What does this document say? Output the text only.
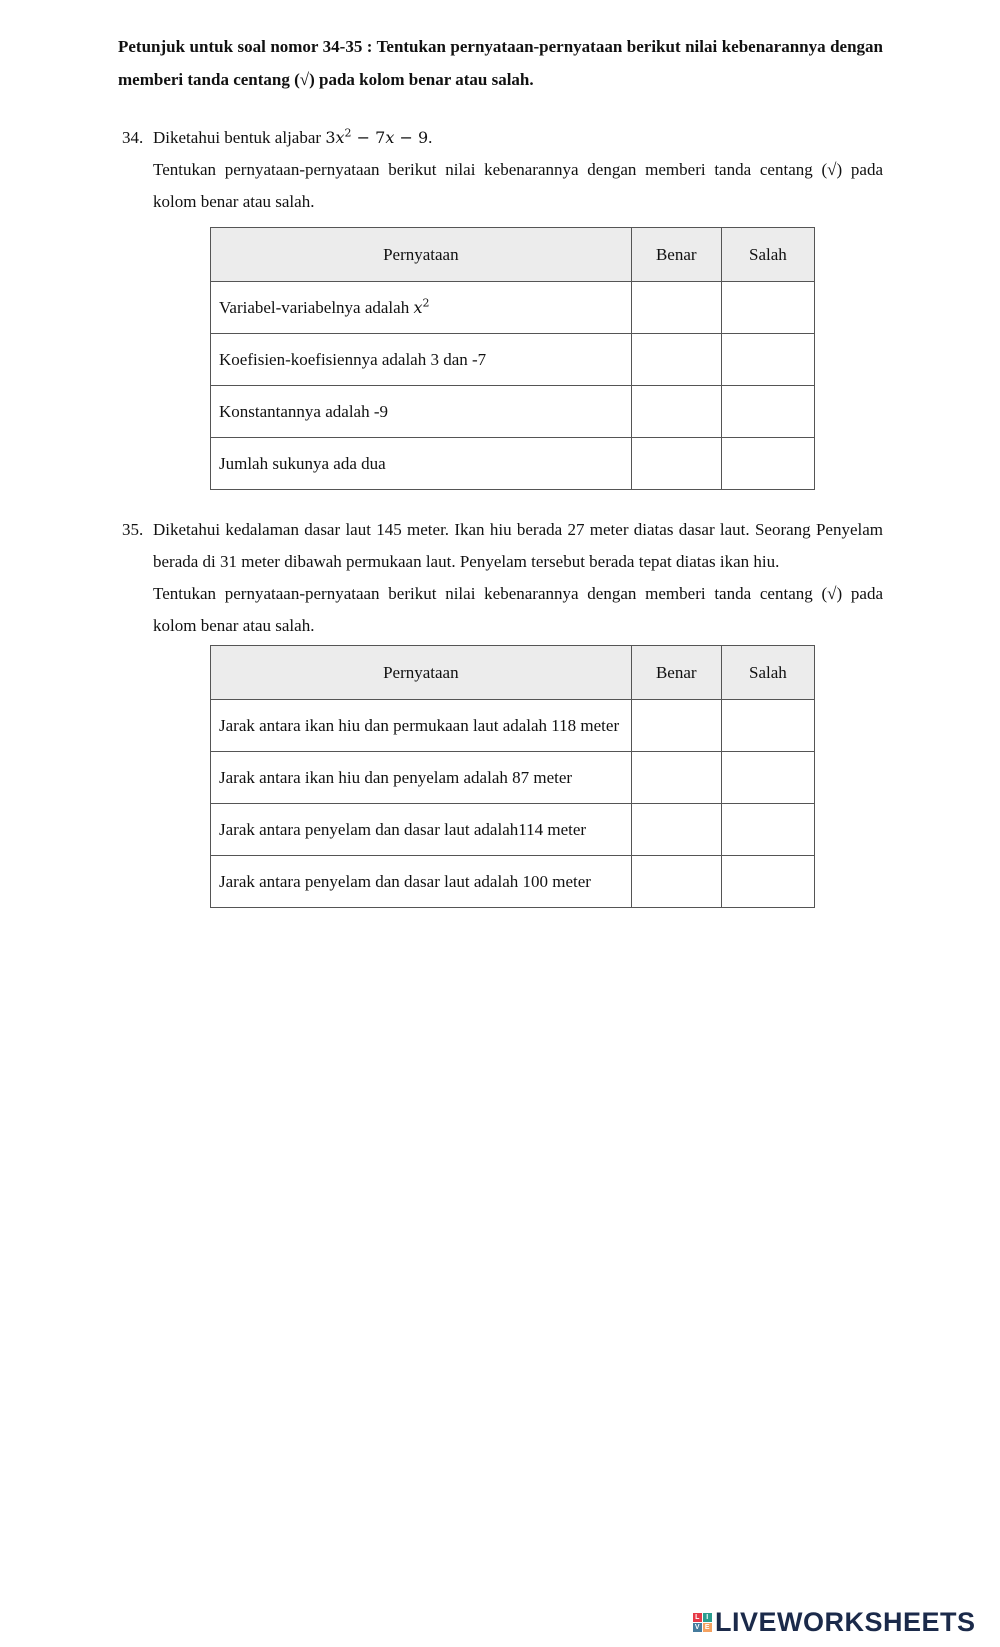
Petunjuk untuk soal nomor 34-35 : Tentukan pernyataan-pernyataan berikut nilai kebenarannya dengan memberi tanda centang (√) pada kolom benar atau salah.
34. Diketahui bentuk aljabar $3x^2 - 7x - 9$.

Tentukan pernyataan-pernyataan berikut nilai kebenarannya dengan memberi tanda centang (√) pada kolom benar atau salah.

Pernyataan	Benar	Salah
Variabel-variabelnya adalah $x^2$		
Koefisien-koefisiennya adalah 3 dan -7		
Konstantannya adalah -9		
Jumlah sukunya ada dua		
35. Diketahui kedalaman dasar laut 145 meter. Ikan hiu berada 27 meter diatas dasar laut. Seorang Penyelam berada di 31 meter dibawah permukaan laut. Penyelam tersebut berada tepat diatas ikan hiu.

Tentukan pernyataan-pernyataan berikut nilai kebenarannya dengan memberi tanda centang (√) pada kolom benar atau salah.

Pernyataan	Benar	Salah
Jarak antara ikan hiu dan permukaan laut adalah 118 meter		
Jarak antara ikan hiu dan penyelam adalah 87 meter		
Jarak antara penyelam dan dasar laut adalah114 meter		
Jarak antara penyelam dan dasar laut adalah 100 meter		
L I
V E LIVEWORKSHEETS
